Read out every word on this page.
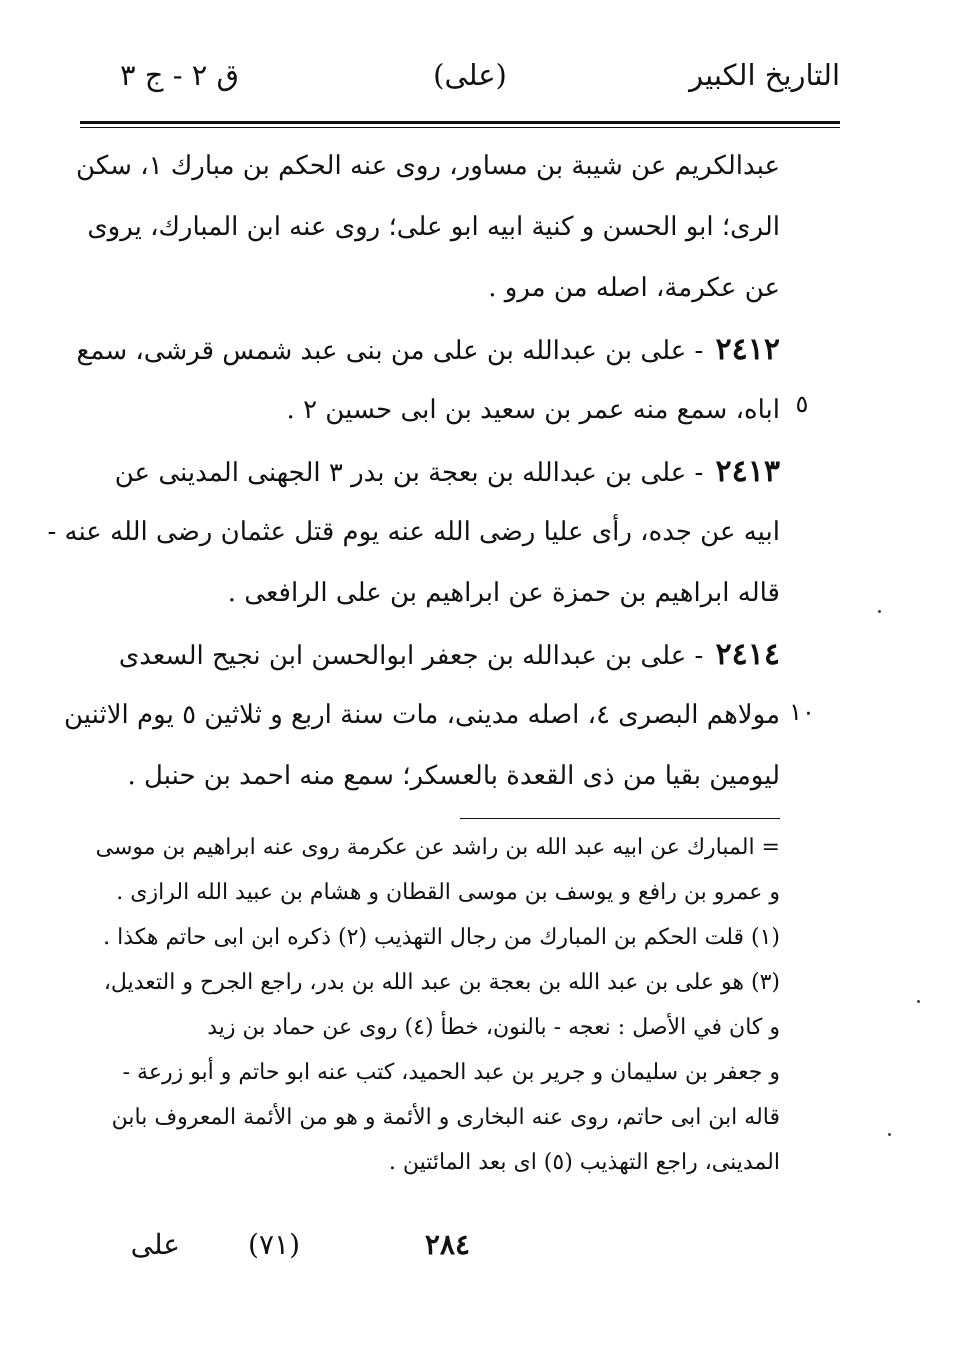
التاريخ الكبير
(على)
ق ٢ - ج ٣
عبدالكريم عن شيبة بن مساور، روى عنه الحكم بن مبارك ١، سكن
الرى؛ ابو الحسن و كنية ابيه ابو على؛ روى عنه ابن المبارك، يروى
عن عكرمة، اصله من مرو .
٢٤١٢ - على بن عبدالله بن على من بنى عبد شمس قرشى، سمع
اباه، سمع منه عمر بن سعيد بن ابى حسين ٢ .
٢٤١٣ - على بن عبدالله بن بعجة بن بدر ٣ الجهنى المدينى عن
ابيه عن جده، رأى عليا رضى الله عنه يوم قتل عثمان رضى الله عنه -
قاله ابراهيم بن حمزة عن ابراهيم بن على الرافعى .
٢٤١٤ - على بن عبدالله بن جعفر ابوالحسن ابن نجيح السعدى
مولاهم البصرى ٤، اصله مدينى، مات سنة اربع و ثلاثين ٥ يوم الاثنين
ليومين بقيا من ذى القعدة بالعسكر؛ سمع منه احمد بن حنبل .
٥
١٠
= المبارك عن ابيه عبد الله بن راشد عن عكرمة روى عنه ابراهيم بن موسى
و عمرو بن رافع و يوسف بن موسى القطان و هشام بن عبيد الله الرازى .
(١) قلت الحكم بن المبارك من رجال التهذيب (٢) ذكره ابن ابى حاتم هكذا .
(٣) هو على بن عبد الله بن بعجة بن عبد الله بن بدر، راجع الجرح و التعديل،
و كان في الأصل : نعجه - بالنون، خطأ (٤) روى عن حماد بن زيد
و جعفر بن سليمان و جرير بن عبد الحميد، كتب عنه ابو حاتم و أبو زرعة -
قاله ابن ابى حاتم، روى عنه البخارى و الأئمة و هو من الأئمة المعروف بابن
المدينى، راجع التهذيب (٥) اى بعد المائتين .
٢٨٤
(٧١)
على
